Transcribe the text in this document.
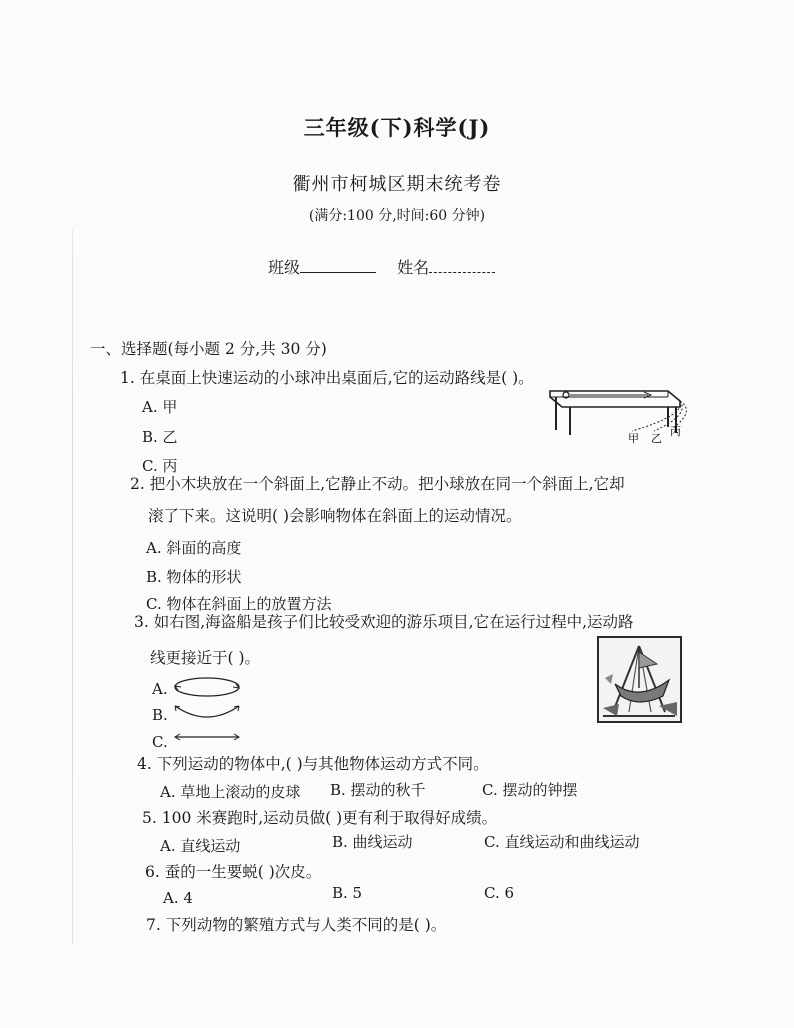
三年级(下)科学(J)
衢州市柯城区期末统考卷
(满分:100 分,时间:60 分钟)
班级	姓名
一、选择题(每小题 2 分,共 30 分)
1. 在桌面上快速运动的小球冲出桌面后,它的运动路线是( )。
A. 甲
B. 乙
C. 丙
甲 乙
丙
2. 把小木块放在一个斜面上,它静止不动。把小球放在同一个斜面上,它却
滚了下来。这说明( )会影响物体在斜面上的运动情况。
A. 斜面的高度
B. 物体的形状
C. 物体在斜面上的放置方法
3. 如右图,海盗船是孩子们比较受欢迎的游乐项目,它在运行过程中,运动路
线更接近于( )。
A.
B.
C.
4. 下列运动的物体中,( )与其他物体运动方式不同。
A. 草地上滚动的皮球 B. 摆动的秋千	C. 摆动的钟摆
5. 100 米赛跑时,运动员做( )更有利于取得好成绩。
A. 直线运动	B. 曲线运动	C. 直线运动和曲线运动
6. 蚕的一生要蜕( )次皮。
A. 4	B. 5	C. 6
7. 下列动物的繁殖方式与人类不同的是( )。
